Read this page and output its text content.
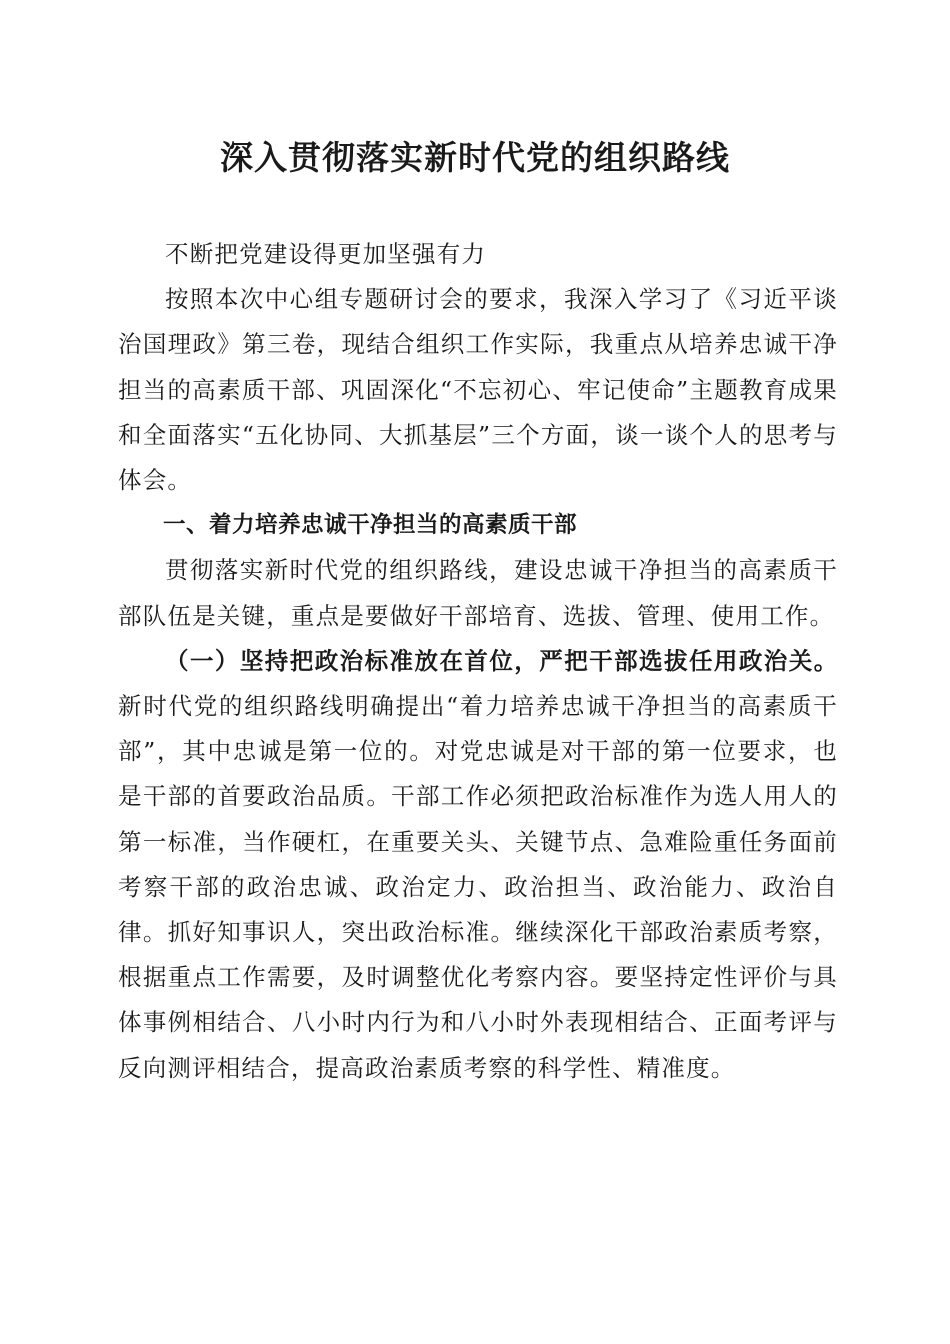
深入贯彻落实新时代党的组织路线

不断把党建设得更加坚强有力

按照本次中心组专题研讨会的要求，我深入学习了《习近平谈治国理政》第三卷，现结合组织工作实际，我重点从培养忠诚干净担当的高素质干部、巩固深化“不忘初心、牢记使命”主题教育成果和全面落实“五化协同、大抓基层”三个方面，谈一谈个人的思考与体会。

一、着力培养忠诚干净担当的高素质干部

贯彻落实新时代党的组织路线，建设忠诚干净担当的高素质干部队伍是关键，重点是要做好干部培育、选拔、管理、使用工作。

（一）坚持把政治标准放在首位，严把干部选拔任用政治关。新时代党的组织路线明确提出“着力培养忠诚干净担当的高素质干部”，其中忠诚是第一位的。对党忠诚是对干部的第一位要求，也是干部的首要政治品质。干部工作必须把政治标准作为选人用人的第一标准，当作硬杠，在重要关头、关键节点、急难险重任务面前考察干部的政治忠诚、政治定力、政治担当、政治能力、政治自律。抓好知事识人，突出政治标准。继续深化干部政治素质考察，根据重点工作需要，及时调整优化考察内容。要坚持定性评价与具体事例相结合、八小时内行为和八小时外表现相结合、正面考评与反向测评相结合，提高政治素质考察的科学性、精准度。
